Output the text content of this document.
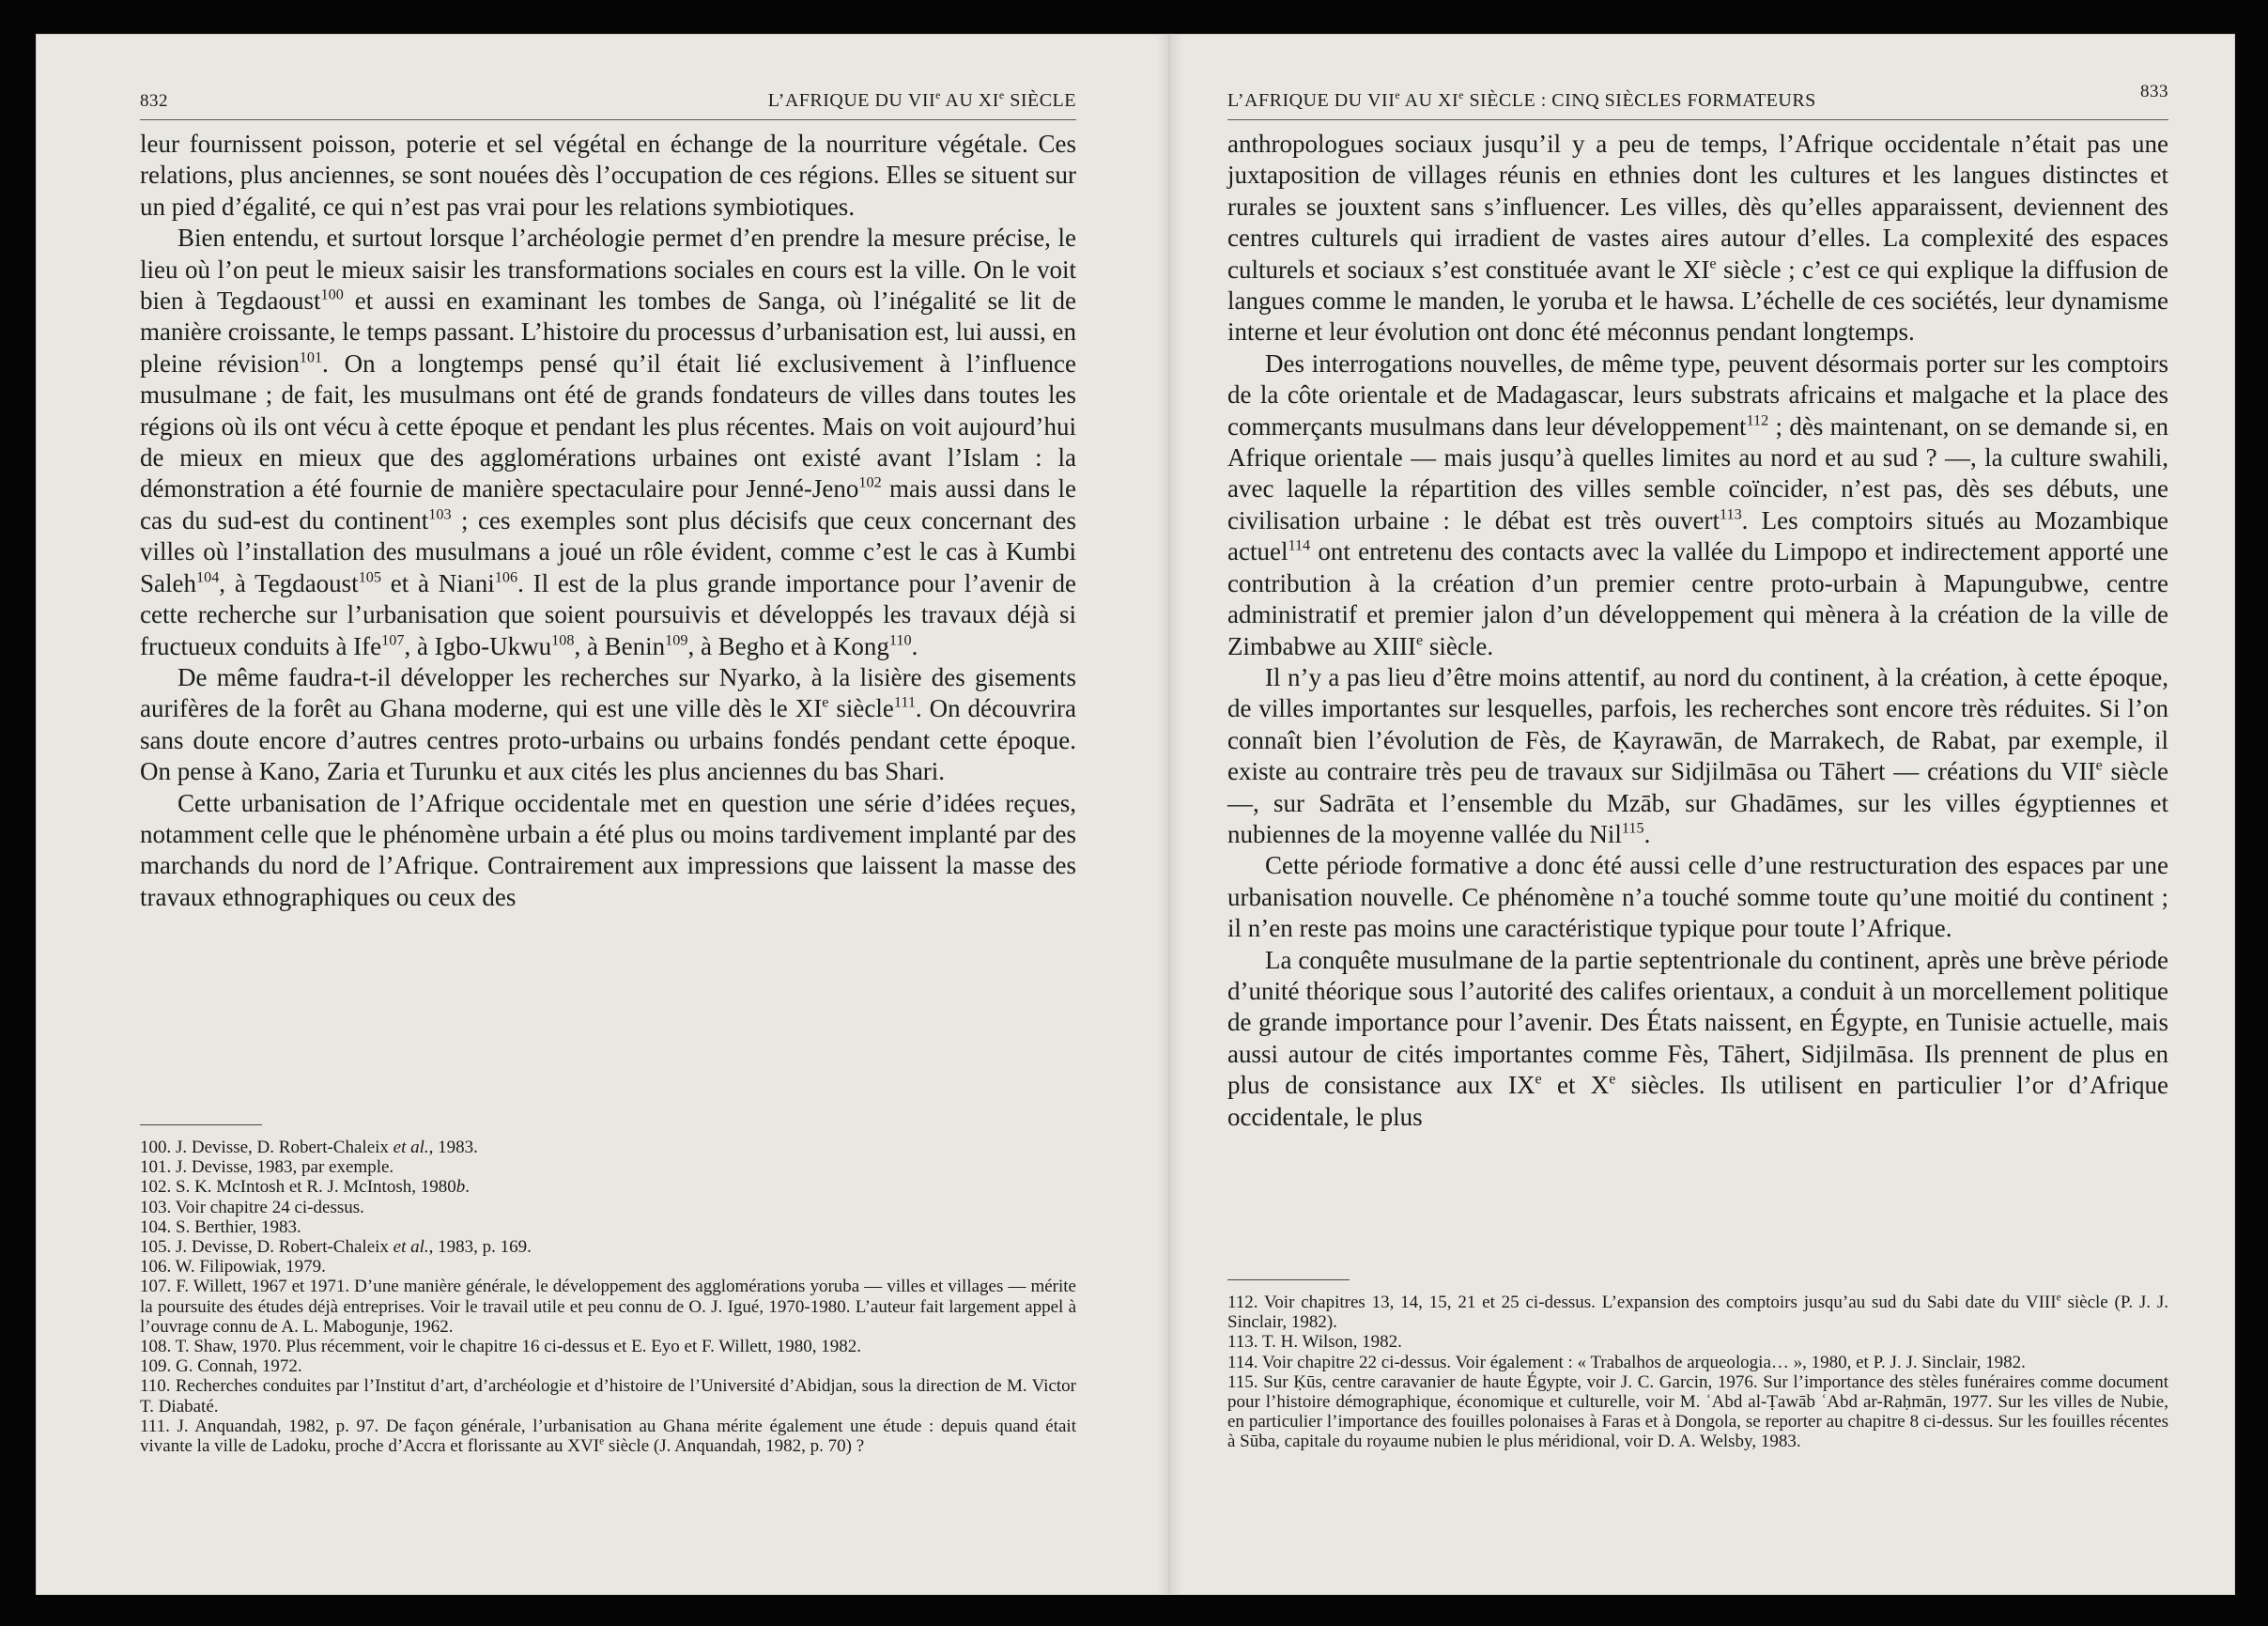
832	L’AFRIQUE DU VIIe AU XIe SIÈCLE

leur fournissent poisson, poterie et sel végétal en échange de la nourriture végétale. Ces relations, plus anciennes, se sont nouées dès l’occupation de ces régions. Elles se situent sur un pied d’égalité, ce qui n’est pas vrai pour les relations symbiotiques.

Bien entendu, et surtout lorsque l’archéologie permet d’en prendre la mesure précise, le lieu où l’on peut le mieux saisir les transformations sociales en cours est la ville. On le voit bien à Tegdaoust$^{100}$ et aussi en examinant les tombes de Sanga, où l’inégalité se lit de manière croissante, le temps passant. L’histoire du processus d’urbanisation est, lui aussi, en pleine révision$^{101}$. On a longtemps pensé qu’il était lié exclusivement à l’influence musulmane ; de fait, les musulmans ont été de grands fondateurs de villes dans toutes les régions où ils ont vécu à cette époque et pendant les plus récentes. Mais on voit aujourd’hui de mieux en mieux que des agglomérations urbaines ont existé avant l’Islam : la démonstration a été fournie de manière spectaculaire pour Jenné-Jeno$^{102}$ mais aussi dans le cas du sud-est du continent$^{103}$ ; ces exemples sont plus décisifs que ceux concernant des villes où l’installation des musulmans a joué un rôle évident, comme c’est le cas à Kumbi Saleh$^{104}$, à Tegdaoust$^{105}$ et à Niani$^{106}$. Il est de la plus grande importance pour l’avenir de cette recherche sur l’urbanisation que soient poursuivis et développés les travaux déjà si fructueux conduits à Ife$^{107}$, à Igbo-Ukwu$^{108}$, à Benin$^{109}$, à Begho et à Kong$^{110}$.

De même faudra-t-il développer les recherches sur Nyarko, à la lisière des gisements aurifères de la forêt au Ghana moderne, qui est une ville dès le XIe siècle$^{111}$. On découvrira sans doute encore d’autres centres proto-urbains ou urbains fondés pendant cette époque. On pense à Kano, Zaria et Turunku et aux cités les plus anciennes du bas Shari.

Cette urbanisation de l’Afrique occidentale met en question une série d’idées reçues, notamment celle que le phénomène urbain a été plus ou moins tardivement implanté par des marchands du nord de l’Afrique. Contrairement aux impressions que laissent la masse des travaux ethnographiques ou ceux des

100. J. Devisse, D. Robert-Chaleix et al., 1983.
101. J. Devisse, 1983, par exemple.
102. S. K. McIntosh et R. J. McIntosh, 1980b.
103. Voir chapitre 24 ci-dessus.
104. S. Berthier, 1983.
105. J. Devisse, D. Robert-Chaleix et al., 1983, p. 169.
106. W. Filipowiak, 1979.
107. F. Willett, 1967 et 1971. D’une manière générale, le développement des agglomérations yoruba — villes et villages — mérite la poursuite des études déjà entreprises. Voir le travail utile et peu connu de O. J. Igué, 1970-1980. L’auteur fait largement appel à l’ouvrage connu de A. L. Mabogunje, 1962.
108. T. Shaw, 1970. Plus récemment, voir le chapitre 16 ci-dessus et E. Eyo et F. Willett, 1980, 1982.
109. G. Connah, 1972.
110. Recherches conduites par l’Institut d’art, d’archéologie et d’histoire de l’Université d’Abidjan, sous la direction de M. Victor T. Diabaté.
111. J. Anquandah, 1982, p. 97. De façon générale, l’urbanisation au Ghana mérite également une étude : depuis quand était vivante la ville de Ladoku, proche d’Accra et florissante au XVIe siècle (J. Anquandah, 1982, p. 70) ?
L’AFRIQUE DU VIIe AU XIe SIÈCLE : CINQ SIÈCLES FORMATEURS	833

anthropologues sociaux jusqu’il y a peu de temps, l’Afrique occidentale n’était pas une juxtaposition de villages réunis en ethnies dont les cultures et les langues distinctes et rurales se jouxtent sans s’influencer. Les villes, dès qu’elles apparaissent, deviennent des centres culturels qui irradient de vastes aires autour d’elles. La complexité des espaces culturels et sociaux s’est constituée avant le XIe siècle ; c’est ce qui explique la diffusion de langues comme le manden, le yoruba et le hawsa. L’échelle de ces sociétés, leur dynamisme interne et leur évolution ont donc été méconnus pendant longtemps.

Des interrogations nouvelles, de même type, peuvent désormais porter sur les comptoirs de la côte orientale et de Madagascar, leurs substrats africains et malgache et la place des commerçants musulmans dans leur développement$^{112}$ ; dès maintenant, on se demande si, en Afrique orientale — mais jusqu’à quelles limites au nord et au sud ? —, la culture swahili, avec laquelle la répartition des villes semble coïncider, n’est pas, dès ses débuts, une civilisation urbaine : le débat est très ouvert$^{113}$. Les comptoirs situés au Mozambique actuel$^{114}$ ont entretenu des contacts avec la vallée du Limpopo et indirectement apporté une contribution à la création d’un premier centre proto-urbain à Mapungubwe, centre administratif et premier jalon d’un développement qui mènera à la création de la ville de Zimbabwe au XIIIe siècle.

Il n’y a pas lieu d’être moins attentif, au nord du continent, à la création, à cette époque, de villes importantes sur lesquelles, parfois, les recherches sont encore très réduites. Si l’on connaît bien l’évolution de Fès, de Ḳayrawān, de Marrakech, de Rabat, par exemple, il existe au contraire très peu de travaux sur Sidjilmāsa ou Tāhert — créations du VIIe siècle —, sur Sadrāta et l’ensemble du Mzāb, sur Ghadāmes, sur les villes égyptiennes et nubiennes de la moyenne vallée du Nil$^{115}$.

Cette période formative a donc été aussi celle d’une restructuration des espaces par une urbanisation nouvelle. Ce phénomène n’a touché somme toute qu’une moitié du continent ; il n’en reste pas moins une caractéristique typique pour toute l’Afrique.

La conquête musulmane de la partie septentrionale du continent, après une brève période d’unité théorique sous l’autorité des califes orientaux, a conduit à un morcellement politique de grande importance pour l’avenir. Des États naissent, en Égypte, en Tunisie actuelle, mais aussi autour de cités importantes comme Fès, Tāhert, Sidjilmāsa. Ils prennent de plus en plus de consistance aux IXe et Xe siècles. Ils utilisent en particulier l’or d’Afrique occidentale, le plus

112. Voir chapitres 13, 14, 15, 21 et 25 ci-dessus. L’expansion des comptoirs jusqu’au sud du Sabi date du VIIIe siècle (P. J. J. Sinclair, 1982).
113. T. H. Wilson, 1982.
114. Voir chapitre 22 ci-dessus. Voir également : « Trabalhos de arqueologia… », 1980, et P. J. J. Sinclair, 1982.
115. Sur Ḳūs, centre caravanier de haute Égypte, voir J. C. Garcin, 1976. Sur l’importance des stèles funéraires comme document pour l’histoire démographique, économique et culturelle, voir M. ʿAbd al-Ṭawāb ʿAbd ar-Raḥmān, 1977. Sur les villes de Nubie, en particulier l’importance des fouilles polonaises à Faras et à Dongola, se reporter au chapitre 8 ci-dessus. Sur les fouilles récentes à Sūba, capitale du royaume nubien le plus méridional, voir D. A. Welsby, 1983.
